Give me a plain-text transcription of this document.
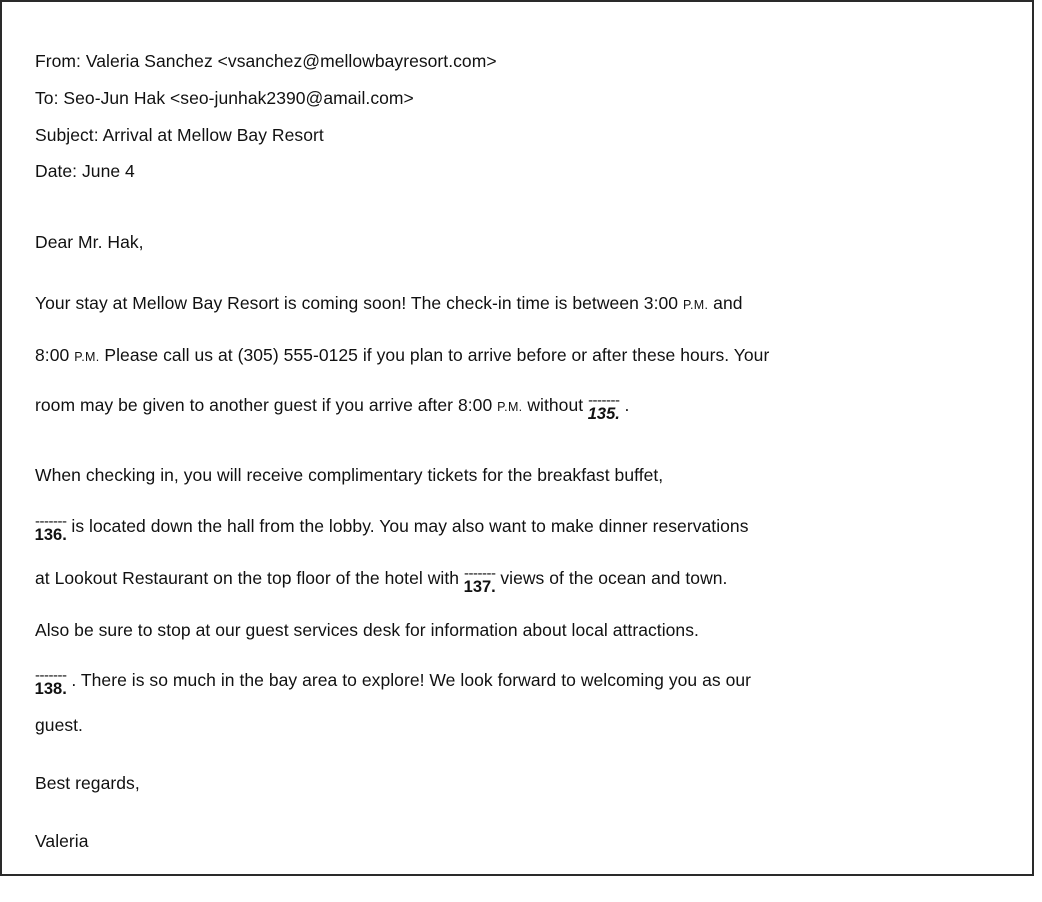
From: Valeria Sanchez <vsanchez@mellowbayresort.com>
To: Seo-Jun Hak <seo-junhak2390@amail.com>
Subject: Arrival at Mellow Bay Resort
Date: June 4
Dear Mr. Hak,
Your stay at Mellow Bay Resort is coming soon! The check-in time is between 3:00 P.M. and
8:00 P.M. Please call us at (305) 555-0125 if you plan to arrive before or after these hours. Your
room may be given to another guest if you arrive after 8:00 P.M. without -------
135. .
When checking in, you will receive complimentary tickets for the breakfast buffet,
-------
136. is located down the hall from the lobby. You may also want to make dinner reservations
at Lookout Restaurant on the top floor of the hotel with -------
137. views of the ocean and town.
Also be sure to stop at our guest services desk for information about local attractions.
-------
138. . There is so much in the bay area to explore! We look forward to welcoming you as our
guest.
Best regards,
Valeria
